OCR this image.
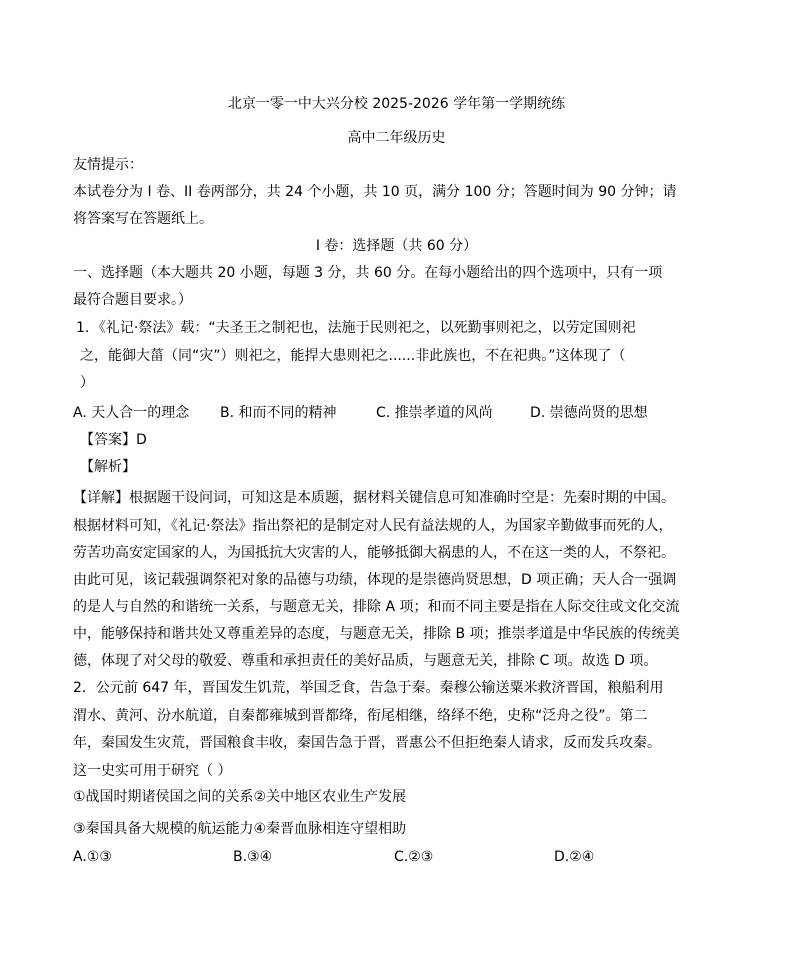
北京一零一中大兴分校 2025-2026 学年第一学期统练
高中二年级历史
友情提示：
本试卷分为 I 卷、II 卷两部分，共 24 个小题，共 10 页，满分 100 分；答题时间为 90 分钟；请
将答案写在答题纸上。
I 卷：选择题（共 60 分）
一、选择题（本大题共 20 小题，每题 3 分，共 60 分。在每小题给出的四个选项中，只有一项
最符合题目要求。）
1．《礼记·祭法》载：“夫圣王之制祀也，法施于民则祀之，以死勤事则祀之，以劳定国则祀
之，能御大菑（同“灾”）则祀之，能捍大患则祀之......非此族也，不在祀典。”这体现了（
）
A. 天人合一的理念 B. 和而不同的精神	C. 推崇孝道的风尚	D. 崇德尚贤的思想
【答案】D
【解析】
【详解】根据题干设问词，可知这是本质题，据材料关键信息可知准确时空是：先秦时期的中国。
根据材料可知，《礼记·祭法》指出祭祀的是制定对人民有益法规的人，为国家辛勤做事而死的人，
劳苦功高安定国家的人，为国抵抗大灾害的人，能够抵御大祸患的人，不在这一类的人，不祭祀。
由此可见，该记载强调祭祀对象的品德与功绩，体现的是崇德尚贤思想，D 项正确；天人合一强调
的是人与自然的和谐统一关系，与题意无关，排除 A 项；和而不同主要是指在人际交往或文化交流
中，能够保持和谐共处又尊重差异的态度，与题意无关，排除 B 项；推崇孝道是中华民族的传统美
德，体现了对父母的敬爱、尊重和承担责任的美好品质，与题意无关，排除 C 项。故选 D 项。
2．公元前 647 年，晋国发生饥荒，举国乏食，告急于秦。秦穆公输送粟米救济晋国，粮船利用
渭水、黄河、汾水航道，自秦都雍城到晋都绛，衔尾相继，络绎不绝，史称“泛舟之役”。第二
年，秦国发生灾荒，晋国粮食丰收，秦国告急于晋，晋惠公不但拒绝秦人请求，反而发兵攻秦。
这一史实可用于研究（ ）
①战国时期诸侯国之间的关系②关中地区农业生产发展
③秦国具备大规模的航运能力④秦晋血脉相连守望相助
A.①③	B.③④	C.②③	D.②④
